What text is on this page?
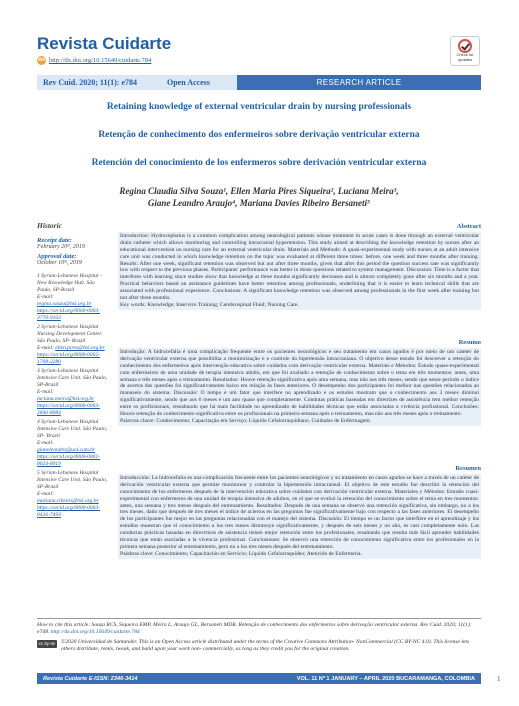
Revista Cuidarte
doi http://dx.doi.org/10.15649/cuidarte.784
Check for updates
Rev Cuid. 2020; 11(1): e784	Open Access	RESEARCH ARTICLE
Retaining knowledge of external ventricular drain by nursing professionals
Retenção de conhecimento dos enfermeiros sobre derivação ventricular externa
Retención del conocimiento de los enfermeros sobre derivación ventricular externa
Regina Claudia Silva Souza¹, Ellen Maria Pires Siqueira², Luciana Meira³,
Giane Leandro Araujo⁴, Mariana Davies Ribeiro Bersaneti⁵
Historic
Receipt date:
February 20ᵗʰ, 2019
Approval date:
October 10ᵗʰ, 2019
1 Syrian-Lebanese Hospital – New Knowledge Hub. São Paulo, SP-Brazil
E-mail: regina.souza@hsl.org.br
https://orcid.org/0000-0003-3770-9163
2 Syrian-Lebanese Hospital Nursing Development Center. São Paulo, SP- Brazil
E-mail: ellen.pires@hsl.org.br
https://orcid.org/0000-0002-1708-2280
3 Syrian-Lebanese Hospital Intensive Care Unit. São Paulo, SP-Brazil
E-mail: luciana.meira@hsl.org.br
https://orcid.org/0000-0003-2846-8084
4 Syrian-Lebanese Hospital Intensive Care Unit. São Paulo, SP- Brazil
E-mail: gianeleandro@uol.com.br
https://orcid.org/0000-0002-8024-8919
5 Syrian-Lebanese Hospital Intensive Care Unit. São Paulo, SP-Brazil
E-mail: mariana.ribeiro@hsl.org.br
https://orcid.org/0000-0003-0426-7493
Abstract
Introduction: Hydrocephalus is a common complication among neurological patients whose treatment in acute cases is done through an external ventricular drain catheter which allows monitoring and controlling intracranial hypertension. This study aimed at describing the knowledge retention by nurses after an educational intervention on nursing care for an external ventricular drain. Materials and Methods: A quasi-experimental study with nurses at an adult intensive care unit was conducted in which knowledge retention on the topic was evaluated at different three times: before, one week and three months after training. Results: After one week, significant retention was observed but not after three months, given that after this period the question success rate was significantly low with respect to the previous phases. Participants' performance was better in those questions related to system management. Discussion: Time is a factor that interferes with learning since studies show that knowledge at three months significantly decreases and is almost completely gone after six months and a year. Practical behaviors based on assistance guidelines have better retention among professionals, underlining that it is easier to learn technical skills that are associated with professional experience. Conclusions: A significant knowledge retention was observed among professionals in the first week after training but not after three months.
Key words: Knowledge; Inservice Training; Cerebrospinal Fluid; Nursing Care.
Resumo
Introdução: A hidrocefalia é uma complicação frequente entre os pacientes neurológicos e seu tratamento em casos agudos é por meio de um cateter de derivação ventricular externa que possibilita a monitorização e o controle da hipertensão intracraniana. O objetivo desse estudo foi descrever a retenção do conhecimento dos enfermeiros após intervenção educativa sobre cuidados com derivação ventricular externa. Materiais e Métodos: Estudo quase-experimental com enfermeiros de uma unidade de terapia intensiva adulto, em que foi avaliado a retenção de conhecimento sobre o tema em três momentos: antes, uma semana e três meses após o treinamento. Resultados: Houve retenção significativa após uma semana, mas não aos três meses, sendo que nesse período o índice de acertos das questões foi significativamente baixo em relação às fases anteriores. O desempenho dos participantes foi melhor nas questões relacionadas ao manuseio do sistema. Discussão: O tempo é um fator que interfere no aprendizado e os estudos mostram que o conhecimento aos 3 meses diminui significativamente, sendo que aos 6 meses e um ano quase que completamente. Condutas práticas baseadas em diretrizes de assistência tem melhor retenção entre os profissionais, ressaltando que há mais facilidade no aprendizado de habilidades técnicas que estão associadas a vivência profissional. Conclusões: Houve retenção de conhecimento significativa entre os profissionais na primeira semana após o treinamento, mas não aos três meses após o treinamento.
Palavras chave: Conhecimento; Capacitação em Serviço; Líquido Cefalorraquidiano, Cuidados de Enfermagem.
Resumen
Introducción: La hidrocefalia es una complicación frecuente entre los pacientes neurológicos y su tratamiento en casos agudos se hace a través de un catéter de derivación ventricular externa que permite monitorear y controlar la hipertensión intracraneal. El objetivo de este estudio fue describir la retención del conocimiento de los enfermeros después de la intervención educativa sobre cuidados con derivación ventricular externa. Materiales y Métodos: Estudio cuasi-experimental con enfermeros de una unidad de terapia intensiva de adultos, en el que se evaluó la retención del conocimiento sobre el tema en tres momentos: antes, una semana y tres meses después del entrenamiento. Resultados: Después de una semana se observó una retención significativa, sin embargo, no a los tres meses, dado que después de tres meses el índice de aciertos en las preguntas fue significativamente bajo con respecto a las fases anteriores. El desempeño de los participantes fue mejor en las preguntas relacionadas con el manejo del sistema. Discusión: El tiempo es un factor que interfiere en el aprendizaje y los estudios muestran que el conocimiento a los tres meses disminuye significativamente, y después de seis meses y un año, es casi completamente nulo. Las conductas prácticas basadas en directrices de asistencia tienen mejor retención entre los profesionales, resaltando que resulta más fácil aprender habilidades técnicas que están asociadas a la vivencia profesional. Conclusiones: Se observó una retención de conocimiento significativa entre los profesionales en la primera semana posterior al entrenamiento, pero no a los tres meses después del entrenamiento.
Palabras clave: Conocimiento; Capacitación en Servicio; Líquido Cefalorraquídeo; Atención de Enfermería.
How to cite this article: Souza RCS, Siqueira EMP, Meira L, Araujo GL, Bersaneti MDR. Retenção de conhecimento dos enfermeiros sobre derivação ventricular externa. Rev Cuid. 2020; 11(1): e748. http://dx.doi.org/10.15649/cuidarte.784
cc by-nc ©2020 Universidad de Santander. This is an Open Access article distributed under the terms of the Creative Commons Attribution- NonCommercial (CC BY-NC 4.0). This license lets others distribute, remix, tweak, and build upon your work non- commercially, as long as they credit you for the original creation.
Revista Cuidarte E-ISSN: 2346-3414	VOL. 11 Nº 1 JANUARY – APRIL 2020 BUCARAMANGA, COLOMBIA	1
